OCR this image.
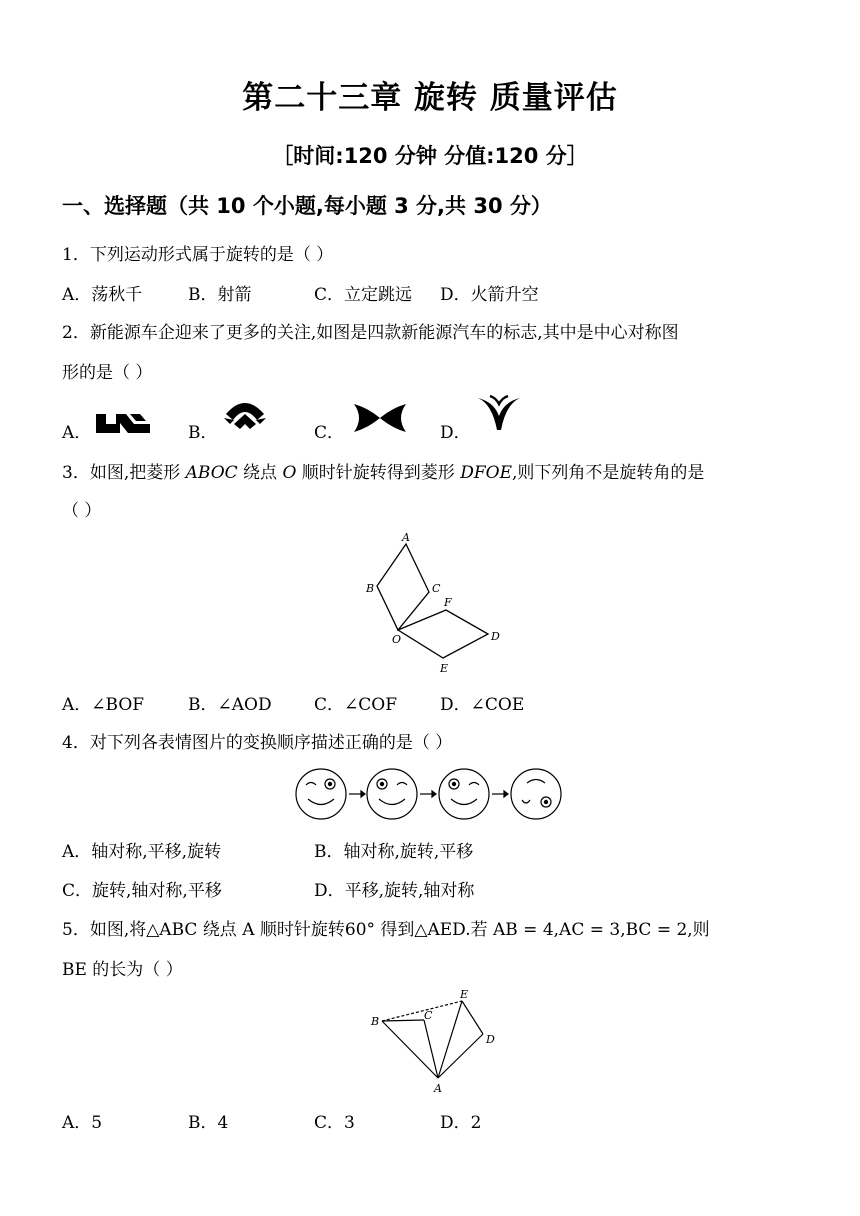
第二十三章 旋转 质量评估
［时间:120 分钟 分值:120 分］
一、选择题（共 10 个小题,每小题 3 分,共 30 分）
1．下列运动形式属于旋转的是（ ）
A．荡秋千	B．射箭	C．立定跳远 D．火箭升空
2．新能源车企迎来了更多的关注,如图是四款新能源汽车的标志,其中是中心对称图
形的是（ ）
A．	B．	C．	D．
3．如图,把菱形 ABOC 绕点 O 顺时针旋转得到菱形 DFOE,则下列角不是旋转角的是
（ ）
A
B	C
F
O	D
E
A．∠BOF	B．∠AOD C．∠COF	D．∠COE
4．对下列各表情图片的变换顺序描述正确的是（ ）
A．轴对称,平移,旋转	B．轴对称,旋转,平移
C．旋转,轴对称,平移	D．平移,旋转,轴对称
5．如图,将△ABC 绕点 A 顺时针旋转60° 得到△AED.若 AB = 4,AC = 3,BC = 2,则
BE 的长为（ ）
B	C
E
D
A
A．5	B．4	C．3	D．2
